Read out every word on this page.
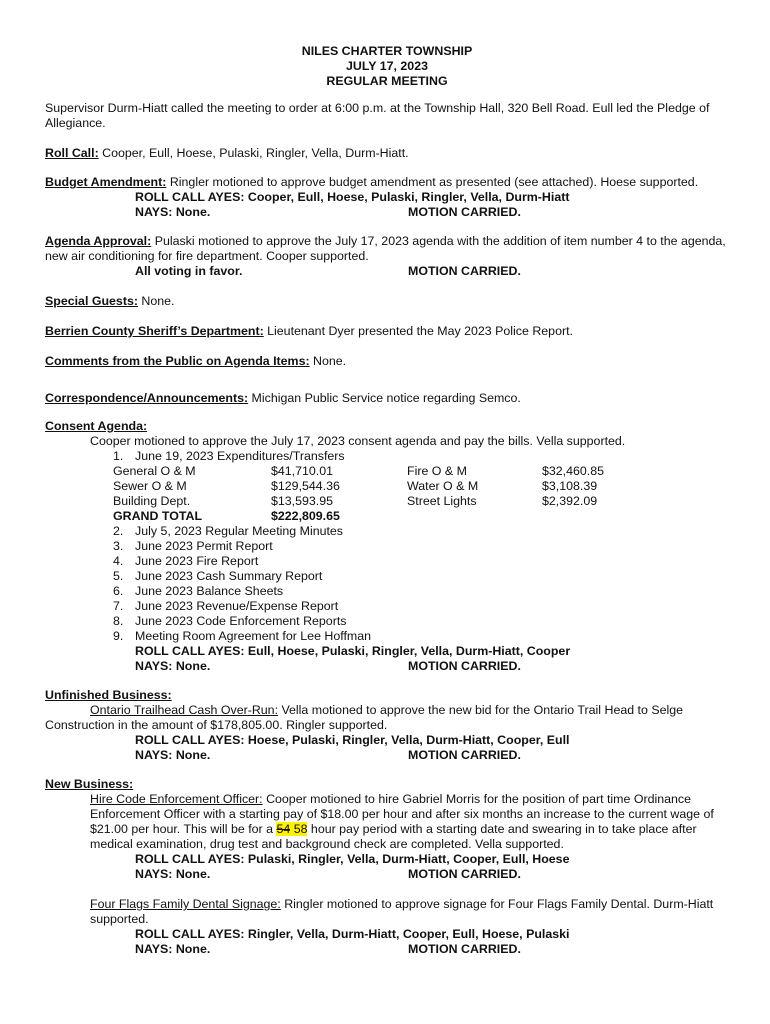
NILES CHARTER TOWNSHIP

JULY 17, 2023

REGULAR MEETING

Supervisor Durm-Hiatt called the meeting to order at 6:00 p.m. at the Township Hall, 320 Bell Road. Eull led the Pledge of Allegiance.

Roll Call: Cooper, Eull, Hoese, Pulaski, Ringler, Vella, Durm-Hiatt.

Budget Amendment: Ringler motioned to approve budget amendment as presented (see attached). Hoese supported.

ROLL CALL AYES: Cooper, Eull, Hoese, Pulaski, Ringler, Vella, Durm-Hiatt

NAYS: None.	MOTION CARRIED.

Agenda Approval: Pulaski motioned to approve the July 17, 2023 agenda with the addition of item number 4 to the agenda, new air conditioning for fire department. Cooper supported.

All voting in favor.	MOTION CARRIED.

Special Guests: None.

Berrien County Sheriff’s Department: Lieutenant Dyer presented the May 2023 Police Report.

Comments from the Public on Agenda Items: None.

Correspondence/Announcements: Michigan Public Service notice regarding Semco.

Consent Agenda:

Cooper motioned to approve the July 17, 2023 consent agenda and pay the bills. Vella supported.

1. June 19, 2023 Expenditures/Transfers
General O & M	$41,710.01	Fire O & M	$32,460.85
Sewer O & M	$129,544.36	Water O & M	$3,108.39
Building Dept.	$13,593.95	Street Lights	$2,392.09
GRAND TOTAL	$222,809.65
2. July 5, 2023 Regular Meeting Minutes
3. June 2023 Permit Report
4. June 2023 Fire Report
5. June 2023 Cash Summary Report
6. June 2023 Balance Sheets
7. June 2023 Revenue/Expense Report
8. June 2023 Code Enforcement Reports
9. Meeting Room Agreement for Lee Hoffman

ROLL CALL AYES: Eull, Hoese, Pulaski, Ringler, Vella, Durm-Hiatt, Cooper

NAYS: None.	MOTION CARRIED.

Unfinished Business:

Ontario Trailhead Cash Over-Run: Vella motioned to approve the new bid for the Ontario Trail Head to Selge Construction in the amount of $178,805.00. Ringler supported.

ROLL CALL AYES: Hoese, Pulaski, Ringler, Vella, Durm-Hiatt, Cooper, Eull

NAYS: None.	MOTION CARRIED.

New Business:

Hire Code Enforcement Officer: Cooper motioned to hire Gabriel Morris for the position of part time Ordinance Enforcement Officer with a starting pay of $18.00 per hour and after six months an increase to the current wage of $21.00 per hour. This will be for a 54 58 hour pay period with a starting date and swearing in to take place after medical examination, drug test and background check are completed. Vella supported.

ROLL CALL AYES: Pulaski, Ringler, Vella, Durm-Hiatt, Cooper, Eull, Hoese

NAYS: None.	MOTION CARRIED.

Four Flags Family Dental Signage: Ringler motioned to approve signage for Four Flags Family Dental. Durm-Hiatt supported.

ROLL CALL AYES: Ringler, Vella, Durm-Hiatt, Cooper, Eull, Hoese, Pulaski

NAYS: None.	MOTION CARRIED.
